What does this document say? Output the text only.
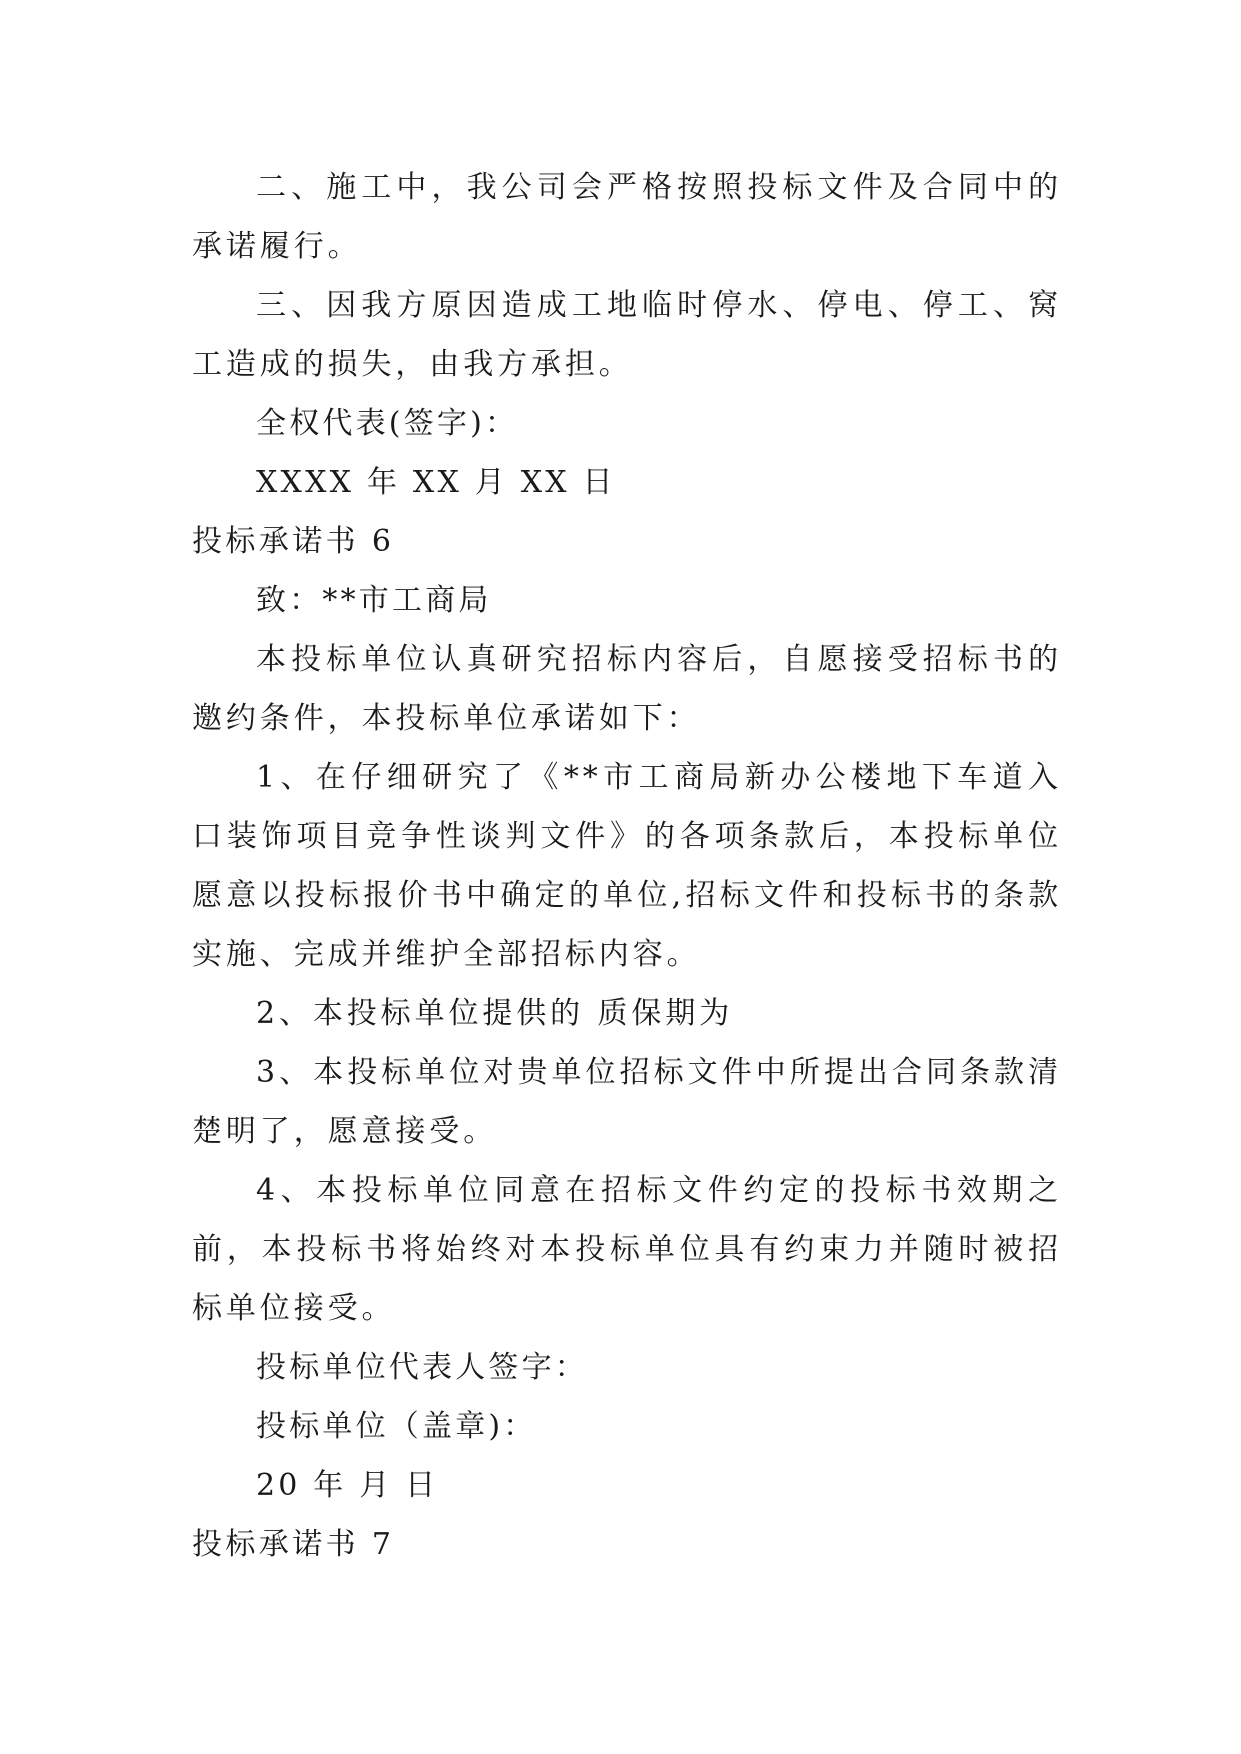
二、施工中，我公司会严格按照投标文件及合同中的承诺履行。

三、因我方原因造成工地临时停水、停电、停工、窝工造成的损失，由我方承担。

全权代表(签字)：

XXXX 年 XX 月 XX 日

投标承诺书 6

致：**市工商局

本投标单位认真研究招标内容后，自愿接受招标书的邀约条件，本投标单位承诺如下：

1、在仔细研究了《**市工商局新办公楼地下车道入口装饰项目竞争性谈判文件》的各项条款后，本投标单位愿意以投标报价书中确定的单位,招标文件和投标书的条款实施、完成并维护全部招标内容。

2、本投标单位提供的 质保期为

3、本投标单位对贵单位招标文件中所提出合同条款清楚明了，愿意接受。

4、本投标单位同意在招标文件约定的投标书效期之前，本投标书将始终对本投标单位具有约束力并随时被招标单位接受。

投标单位代表人签字：

投标单位（盖章)：

20 年 月 日

投标承诺书 7
